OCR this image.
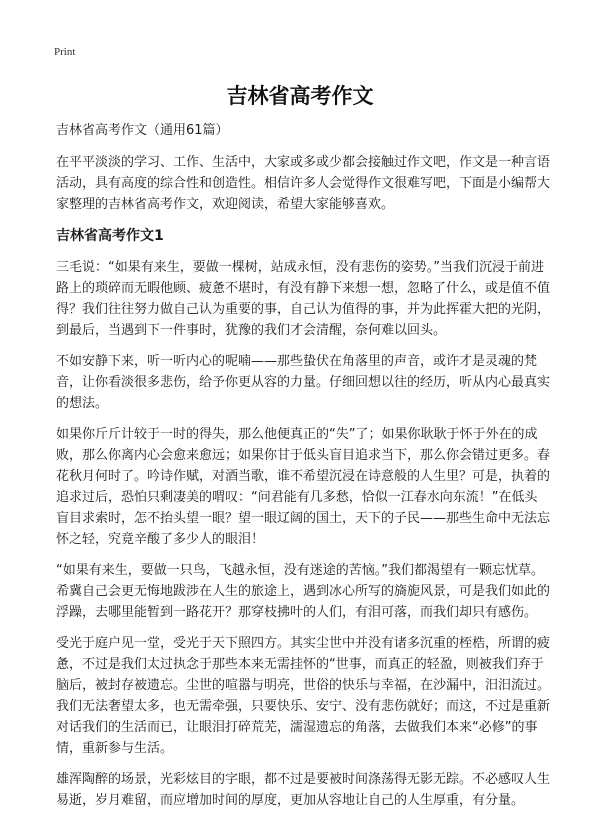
Print
吉林省高考作文

吉林省高考作文（通用61篇）

在平平淡淡的学习、工作、生活中，大家或多或少都会接触过作文吧，作文是一种言语活动，具有高度的综合性和创造性。相信许多人会觉得作文很难写吧，下面是小编帮大家整理的吉林省高考作文，欢迎阅读，希望大家能够喜欢。

吉林省高考作文1

三毛说：“如果有来生，要做一棵树，站成永恒，没有悲伤的姿势。”当我们沉浸于前进路上的琐碎而无暇他顾、疲惫不堪时，有没有静下来想一想，忽略了什么，或是值不值得？我们往往努力做自己认为重要的事，自己认为值得的事，并为此挥霍大把的光阴，到最后，当遇到下一件事时，犹豫的我们才会清醒，奈何难以回头。

不如安静下来，听一听内心的呢喃——那些蛰伏在角落里的声音，或许才是灵魂的梵音，让你看淡很多悲伤，给予你更从容的力量。仔细回想以往的经历，听从内心最真实的想法。

如果你斤斤计较于一时的得失，那么他便真正的“失”了；如果你耿耿于怀于外在的成败，那么你离内心会愈来愈远；如果你甘于低头盲目追求当下，那么你会错过更多。春花秋月何时了。吟诗作赋，对酒当歌，谁不希望沉浸在诗意般的人生里？可是，执着的追求过后，恐怕只剩凄美的喟叹：“问君能有几多愁，恰似一江春水向东流！”在低头盲目求索时，怎不抬头望一眼？望一眼辽阔的国土，天下的子民——那些生命中无法忘怀之轻，究竟辛酸了多少人的眼泪！

“如果有来生，要做一只鸟，飞越永恒，没有迷途的苦恼。”我们都渴望有一颗忘忧草。希冀自己会更无悔地跋涉在人生的旅途上，遇到冰心所写的旖旎风景，可是我们如此的浮躁，去哪里能暂到一路花开？那穿枝拂叶的人们，有泪可落，而我们却只有感伤。

受光于庭户见一堂，受光于天下照四方。其实尘世中并没有诸多沉重的桎梏，所谓的疲惫，不过是我们太过执念于那些本来无需挂怀的“世事，而真正的轻盈，则被我们弃于脑后，被封存被遗忘。尘世的喧嚣与明亮，世俗的快乐与幸福，在沙漏中，汨汨流过。我们无法奢望太多，也无需牵强，只要快乐、安宁、没有悲伤就好；而这，不过是重新对话我们的生活而已，让眼泪打碎荒芜，濡湿遗忘的角落，去做我们本来“必修”的事情，重新参与生活。

雄浑陶醉的场景，光彩炫目的字眼，都不过是要被时间涤荡得无影无踪。不必感叹人生易逝，岁月难留，而应增加时间的厚度，更加从容地让自己的人生厚重，有分量。
